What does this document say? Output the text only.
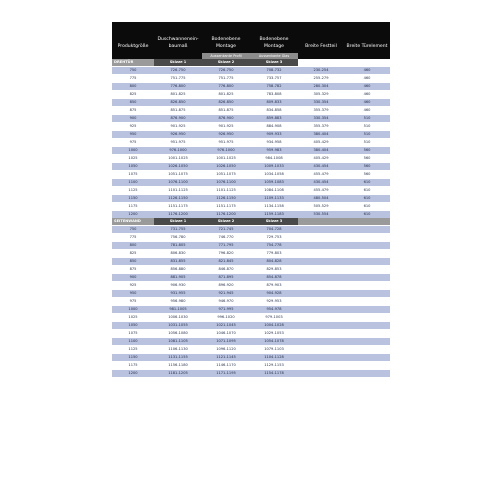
Produktgröße	Duschwannenein-baumaß	Bodenebene Montage	Bodenebene Montage	Breite Festteil	Breite Türelement
		Aussenkante Profil	Aussenkante Glas		
DREHTÜR	Skizze 1	Skizze 2	Skizze 3		
750	726-750	726-750	708-732	230-254	460
775	751-775	751-775	733-757	255-279	460
800	776-800	776-800	758-782	280-304	460
825	801-825	801-825	783-808	305-329	460
850	826-850	826-850	809-833	330-354	460
875	851-875	851-875	834-858	355-379	460
900	876-900	876-900	859-883	330-354	510
925	901-925	901-925	884-908	355-379	510
950	926-950	926-950	909-933	380-404	510
975	951-975	951-975	934-958	405-429	510
1000	976-1000	976-1000	959-983	380-404	560
1025	1001-1025	1001-1025	984-1008	405-429	560
1050	1026-1050	1026-1050	1009-1033	430-454	560
1075	1051-1075	1051-1075	1034-1058	455-479	560
1100	1076-1100	1076-1100	1059-1083	430-454	610
1125	1101-1125	1101-1125	1084-1108	455-479	610
1150	1126-1150	1126-1150	1109-1133	480-504	610
1175	1151-1175	1151-1175	1134-1158	505-529	610
1200	1176-1200	1176-1200	1159-1183	530-554	610
SEITENWAND	Skizze 1	Skizze 2	Skizze 3		
750	731-755	721-745	704-728		
775	756-780	746-770	729-753		
800	781-805	771-795	754-778		
825	806-830	796-820	779-803		
850	831-855	821-845	804-828		
875	856-880	846-870	829-853		
900	881-905	871-895	854-878		
925	906-930	896-920	879-903		
950	931-955	921-945	904-928		
975	956-980	946-970	929-953		
1000	981-1005	971-995	954-978		
1025	1006-1030	996-1020	979-1003		
1050	1031-1055	1021-1045	1004-1028		
1075	1056-1080	1046-1070	1029-1053		
1100	1081-1105	1071-1095	1054-1078		
1125	1106-1130	1096-1120	1079-1103		
1150	1131-1155	1121-1145	1104-1128		
1175	1156-1180	1146-1170	1129-1153		
1200	1181-1205	1171-1195	1154-1178		
